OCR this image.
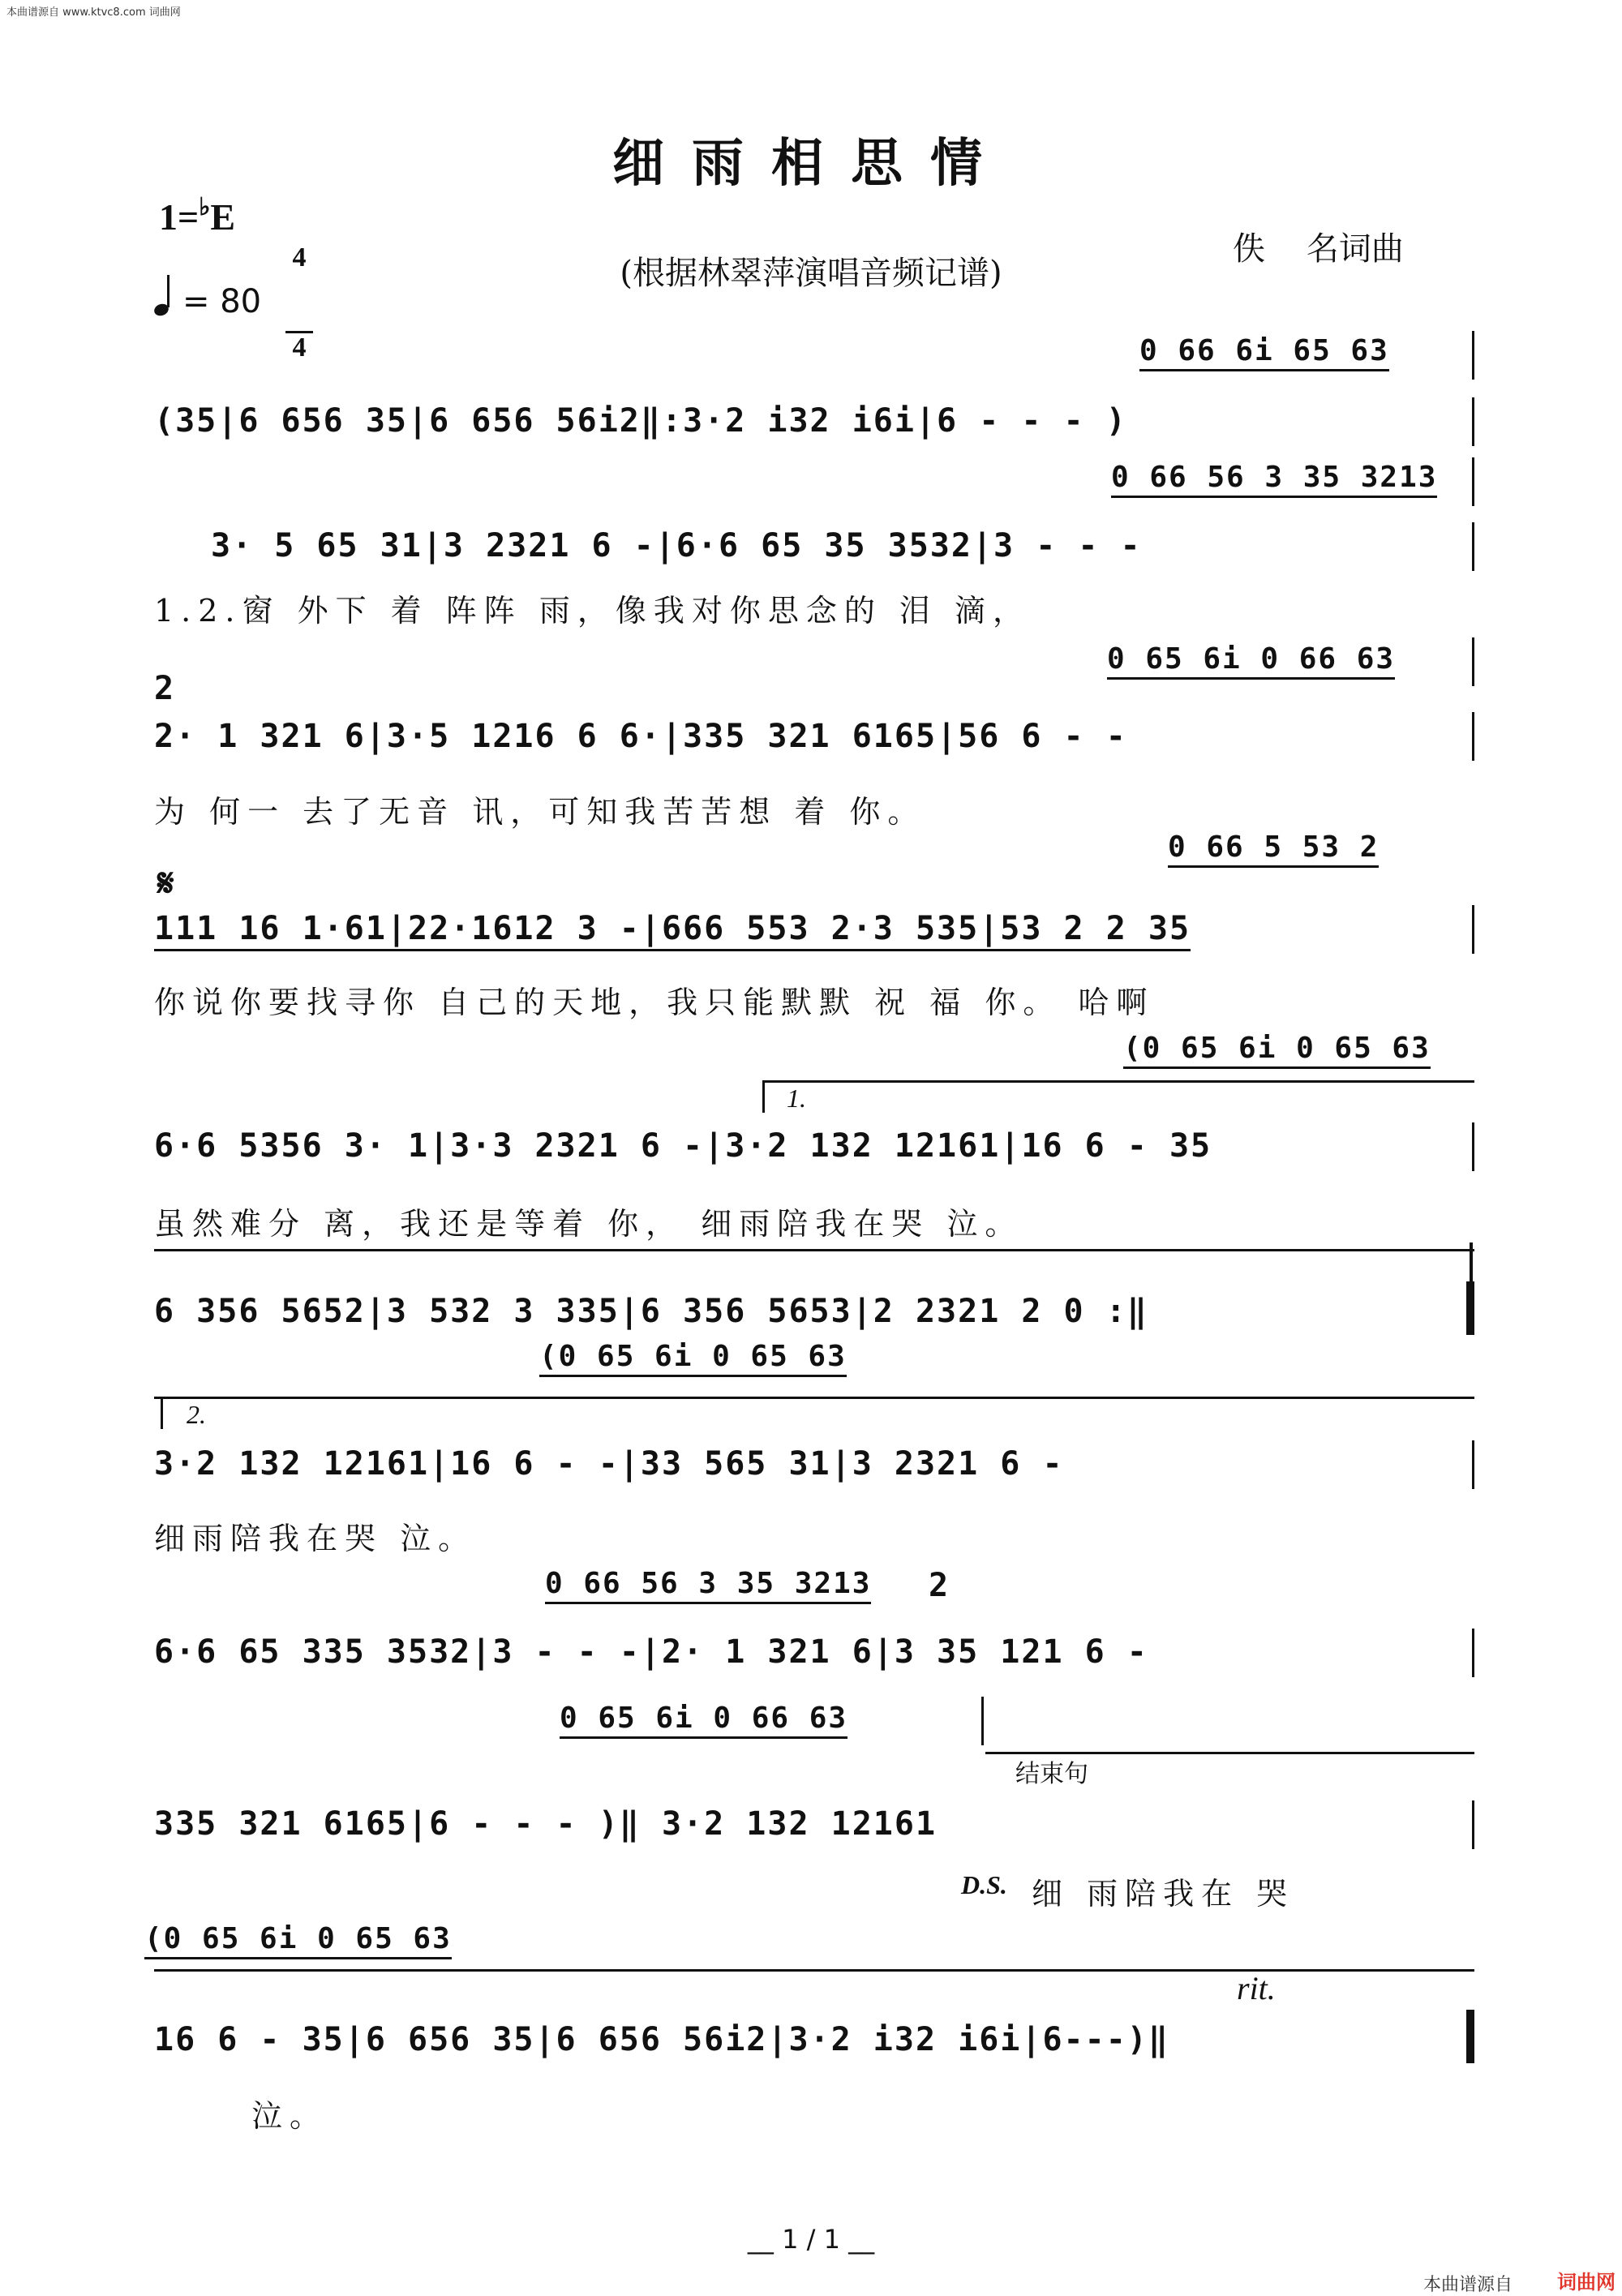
本曲谱源自 www.ktvc8.com 词曲网
细雨相思情
1=♭E

$\frac{4}{4}$	(根据林翠萍演唱音频记谱)
佚    名词曲
= 80
0 66 6i 65 63
(35|6 656 35|6 656 56i2‖:3·2 i32 i6i|6 - - - )
0 66 56 3 35 3213
3· 5 65 31|3 2321 6 -|6·6 65 35 3532|3 - - -
1.2.窗 外下 着 阵阵 雨，像我对你思念的 泪 滴，
2
0 65 6i 0 66 63
2· 1 321 6|3·5 1216 6 6·|335 321 6165|56 6 - -
为 何一 去了无音 讯，可知我苦苦想 着 你。
𝄋
0 66 5 53 2
111 16 1·61|22·1612 3 -|666 553 2·3 535|53 2 2 35
你说你要找寻你 自己的天地，我只能默默 祝 福 你。 哈啊
(0 65 6i 0 65 63
1.
6·6 5356 3· 1|3·3 2321 6 -|3·2 132 12161|16 6 - 35
虽然难分 离，我还是等着 你， 细雨陪我在哭 泣。
6 356 5652|3 532 3 335|6 356 5653|2 2321 2 0 :‖
(0 65 6i 0 65 63
2.
3·2 132 12161|16 6 - -|33 565 31|3 2321 6 -
细雨陪我在哭 泣。
0 66 56 3 35 3213 2
6·6 65 335 3532|3 - - -|2· 1 321 6|3 35 121 6 -
0 65 6i 0 66 63
结束句
335 321 6165|6 - - - )‖ 3·2 132 12161
D.S. 细 雨陪我在 哭
(0 65 6i 0 65 63
rit.
16 6 - 35|6 656 35|6 656 56i2|3·2 i32 i6i|6---)‖
泣。
__ 1 / 1 __
本曲谱源自 词曲网
